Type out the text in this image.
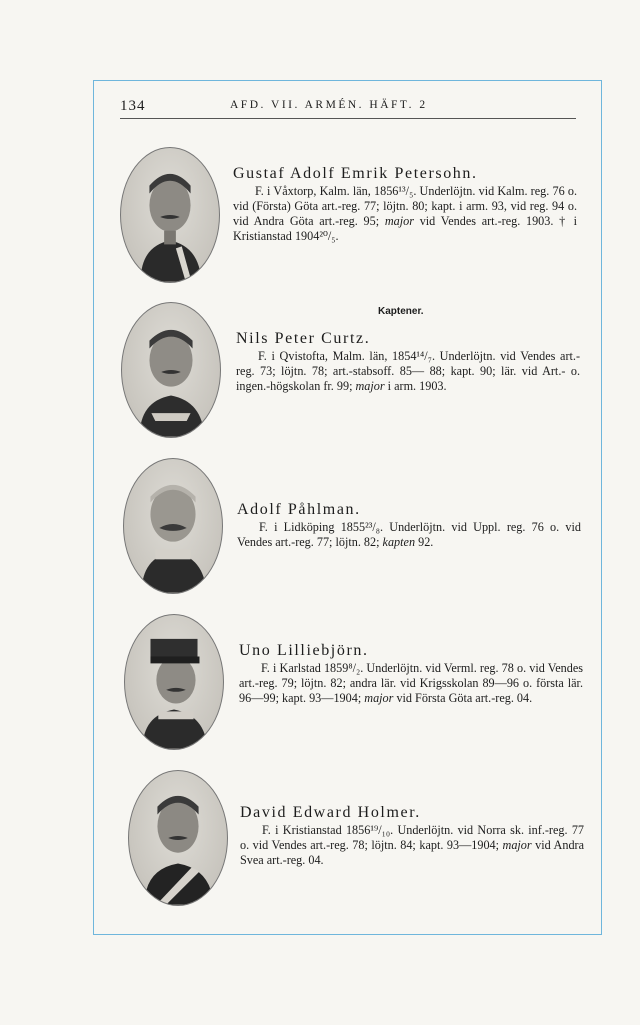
134	AFD. VII. ARMÉN. HÄFT. 2
Kaptener.
Gustaf Adolf Emrik Petersohn.
F. i Våxtorp, Kalm. län, 1856¹³/₅. Underlöjtn. vid Kalm. reg. 76 o. vid (Första) Göta art.-reg. 77; löjtn. 80; kapt. i arm. 93, vid reg. 94 o. vid Andra Göta art.-reg. 95; major vid Vendes art.-reg. 1903. † i Kristianstad 1904²⁰/₅.
Nils Peter Curtz.
F. i Qvistofta, Malm. län, 1854¹⁴/₇. Underlöjtn. vid Vendes art.-reg. 73; löjtn. 78; art.-stabsoff. 85— 88; kapt. 90; lär. vid Art.- o. ingen.-högskolan fr. 99; major i arm. 1903.
Adolf Påhlman.
F. i Lidköping 1855²³/₈. Underlöjtn. vid Uppl. reg. 76 o. vid Vendes art.-reg. 77; löjtn. 82; kapten 92.
Uno Lilliebjörn.
F. i Karlstad 1859⁸/₂. Underlöjtn. vid Verml. reg. 78 o. vid Vendes art.-reg. 79; löjtn. 82; andra lär. vid Krigsskolan 89—96 o. första lär. 96—99; kapt. 93—1904; major vid Första Göta art.-reg. 04.
David Edward Holmer.
F. i Kristianstad 1856¹⁹/₁₀. Underlöjtn. vid Norra sk. inf.-reg. 77 o. vid Vendes art.-reg. 78; löjtn. 84; kapt. 93—1904; major vid Andra Svea art.-reg. 04.
